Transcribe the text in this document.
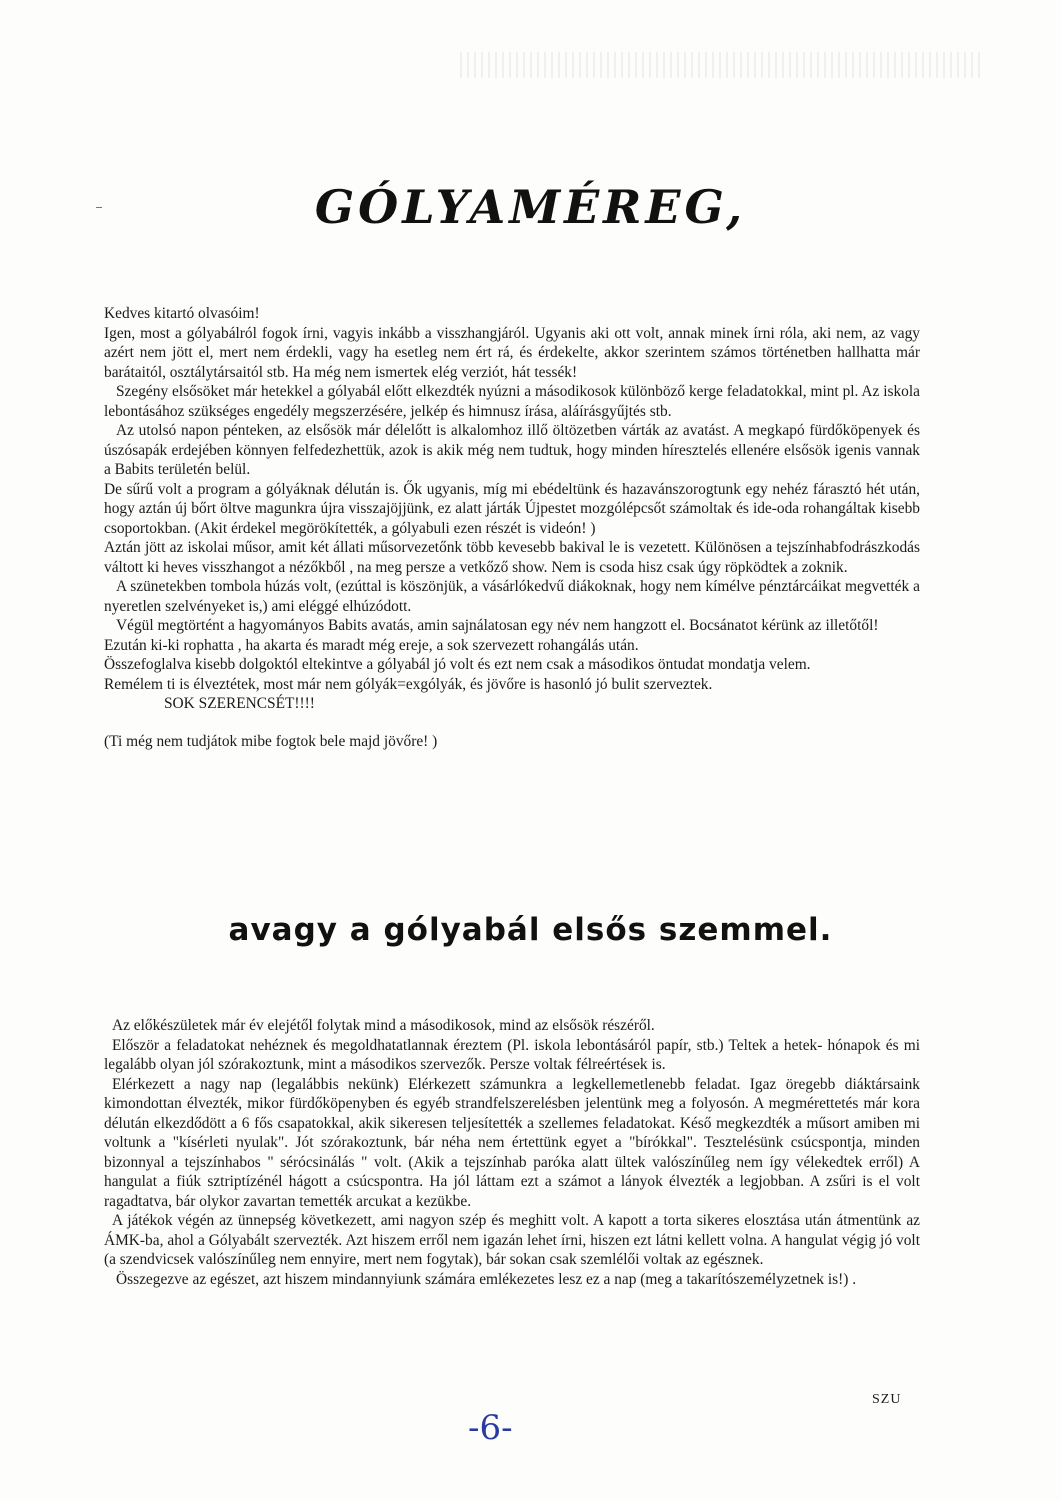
GÓLYAMÉREG,

Kedves kitartó olvasóim!

Igen, most a gólyabálról fogok írni, vagyis inkább a visszhangjáról. Ugyanis aki ott volt, annak minek írni róla, aki nem, az vagy azért nem jött el, mert nem érdekli, vagy ha esetleg nem ért rá, és érdekelte, akkor szerintem számos történetben hallhatta már barátaitól, osztálytársaitól stb. Ha még nem ismertek elég verziót, hát tessék!

Szegény elsősöket már hetekkel a gólyabál előtt elkezdték nyúzni a másodikosok különböző kerge feladatokkal, mint pl. Az iskola lebontásához szükséges engedély megszerzésére, jelkép és himnusz írása, aláírásgyűjtés stb.

Az utolsó napon pénteken, az elsősök már délelőtt is alkalomhoz illő öltözetben várták az avatást. A megkapó fürdőköpenyek és úszósapák erdejében könnyen felfedezhettük, azok is akik még nem tudtuk, hogy minden híresztelés ellenére elsősök igenis vannak a Babits területén belül.

De sűrű volt a program a gólyáknak délután is. Ők ugyanis, míg mi ebédeltünk és hazavánszorogtunk egy nehéz fárasztó hét után, hogy aztán új bőrt öltve magunkra újra visszajöjjünk, ez alatt járták Újpestet mozgólépcsőt számoltak és ide-oda rohangáltak kisebb csoportokban. (Akit érdekel megörökítették, a gólyabuli ezen részét is videón! )

Aztán jött az iskolai műsor, amit két állati műsorvezetőnk több kevesebb bakival le is vezetett. Különösen a tejszínhabfodrászkodás váltott ki heves visszhangot a nézőkből , na meg persze a vetkőző show. Nem is csoda hisz csak úgy röpködtek a zoknik.

A szünetekben tombola húzás volt, (ezúttal is köszönjük, a vásárlókedvű diákoknak, hogy nem kímélve pénztárcáikat megvették a nyeretlen szelvényeket is,) ami eléggé elhúzódott.

Végül megtörtént a hagyományos Babits avatás, amin sajnálatosan egy név nem hangzott el. Bocsánatot kérünk az illetőtől!

Ezután ki-ki rophatta , ha akarta és maradt még ereje, a sok szervezett rohangálás után.

Összefoglalva kisebb dolgoktól eltekintve a gólyabál jó volt és ezt nem csak a másodikos öntudat mondatja velem.

Remélem ti is élveztétek, most már nem gólyák=exgólyák, és jövőre is hasonló jó bulit szerveztek.

SOK SZERENCSÉT!!!!

(Ti még nem tudjátok mibe fogtok bele majd jövőre! )

avagy a gólyabál elsős szemmel.

Az előkészületek már év elejétől folytak mind a másodikosok, mind az elsősök részéről.

Először a feladatokat nehéznek és megoldhatatlannak éreztem (Pl. iskola lebontásáról papír, stb.) Teltek a hetek- hónapok és mi legalább olyan jól szórakoztunk, mint a másodikos szervezők. Persze voltak félreértések is.

Elérkezett a nagy nap (legalábbis nekünk) Elérkezett számunkra a legkellemetlenebb feladat. Igaz öregebb diáktársaink kimondottan élvezték, mikor fürdőköpenyben és egyéb strandfelszerelésben jelentünk meg a folyosón. A megmérettetés már kora délután elkezdődött a 6 fős csapatokkal, akik sikeresen teljesítették a szellemes feladatokat. Késő megkezdték a műsort amiben mi voltunk a "kísérleti nyulak". Jót szórakoztunk, bár néha nem értettünk egyet a "bírókkal". Tesztelésünk csúcspontja, minden bizonnyal a tejszínhabos " sérócsinálás " volt. (Akik a tejszínhab paróka alatt ültek valószínűleg nem így vélekedtek erről) A hangulat a fiúk sztriptízénél hágott a csúcspontra. Ha jól láttam ezt a számot a lányok élvezték a legjobban. A zsűri is el volt ragadtatva, bár olykor zavartan temették arcukat a kezükbe.

A játékok végén az ünnepség következett, ami nagyon szép és meghitt volt. A kapott a torta sikeres elosztása után átmentünk az ÁMK-ba, ahol a Gólyabált szervezték. Azt hiszem erről nem igazán lehet írni, hiszen ezt látni kellett volna. A hangulat végig jó volt (a szendvicsek valószínűleg nem ennyire, mert nem fogytak), bár sokan csak szemlélői voltak az egésznek.

Összegezve az egészet, azt hiszem mindannyiunk számára emlékezetes lesz ez a nap (meg a takarítószemélyzetnek is!) .

SZU
-6-
